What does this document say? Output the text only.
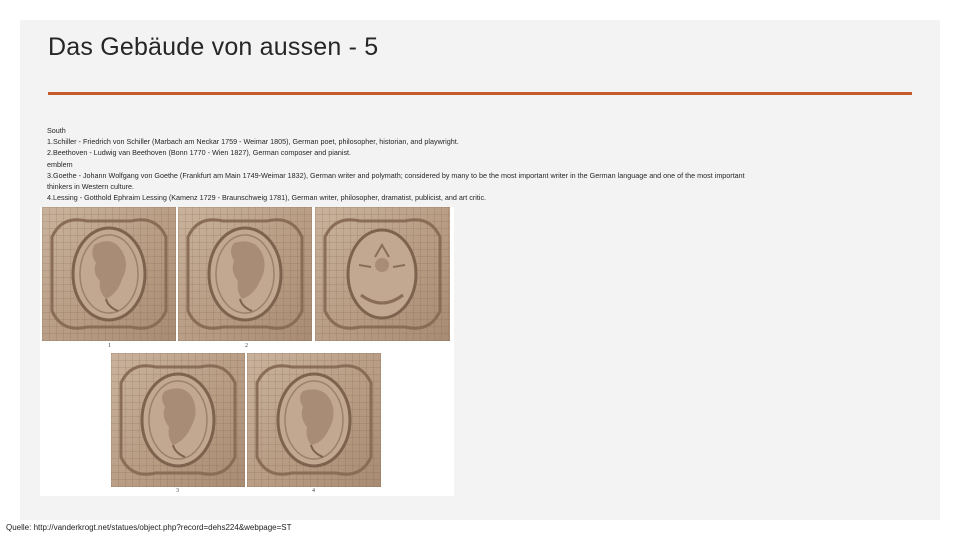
Das Gebäude von aussen - 5
South
1.Schiller - Friedrich von Schiller (Marbach am Neckar 1759 - Weimar 1805), German poet, philosopher, historian, and playwright.
2.Beethoven - Ludwig van Beethoven (Bonn 1770 - Wien 1827), German composer and pianist.
emblem
3.Goethe - Johann Wolfgang von Goethe (Frankfurt am Main 1749-Weimar 1832), German writer and polymath; considered by many to be the most important writer in the German language and one of the most important thinkers in Western culture.
4.Lessing - Gotthold Ephraim Lessing (Kamenz 1729 - Braunschweig 1781), German writer, philosopher, dramatist, publicist, and art critic.
1	2
3	4
Quelle: http://vanderkrogt.net/statues/object.php?record=dehs224&webpage=ST
